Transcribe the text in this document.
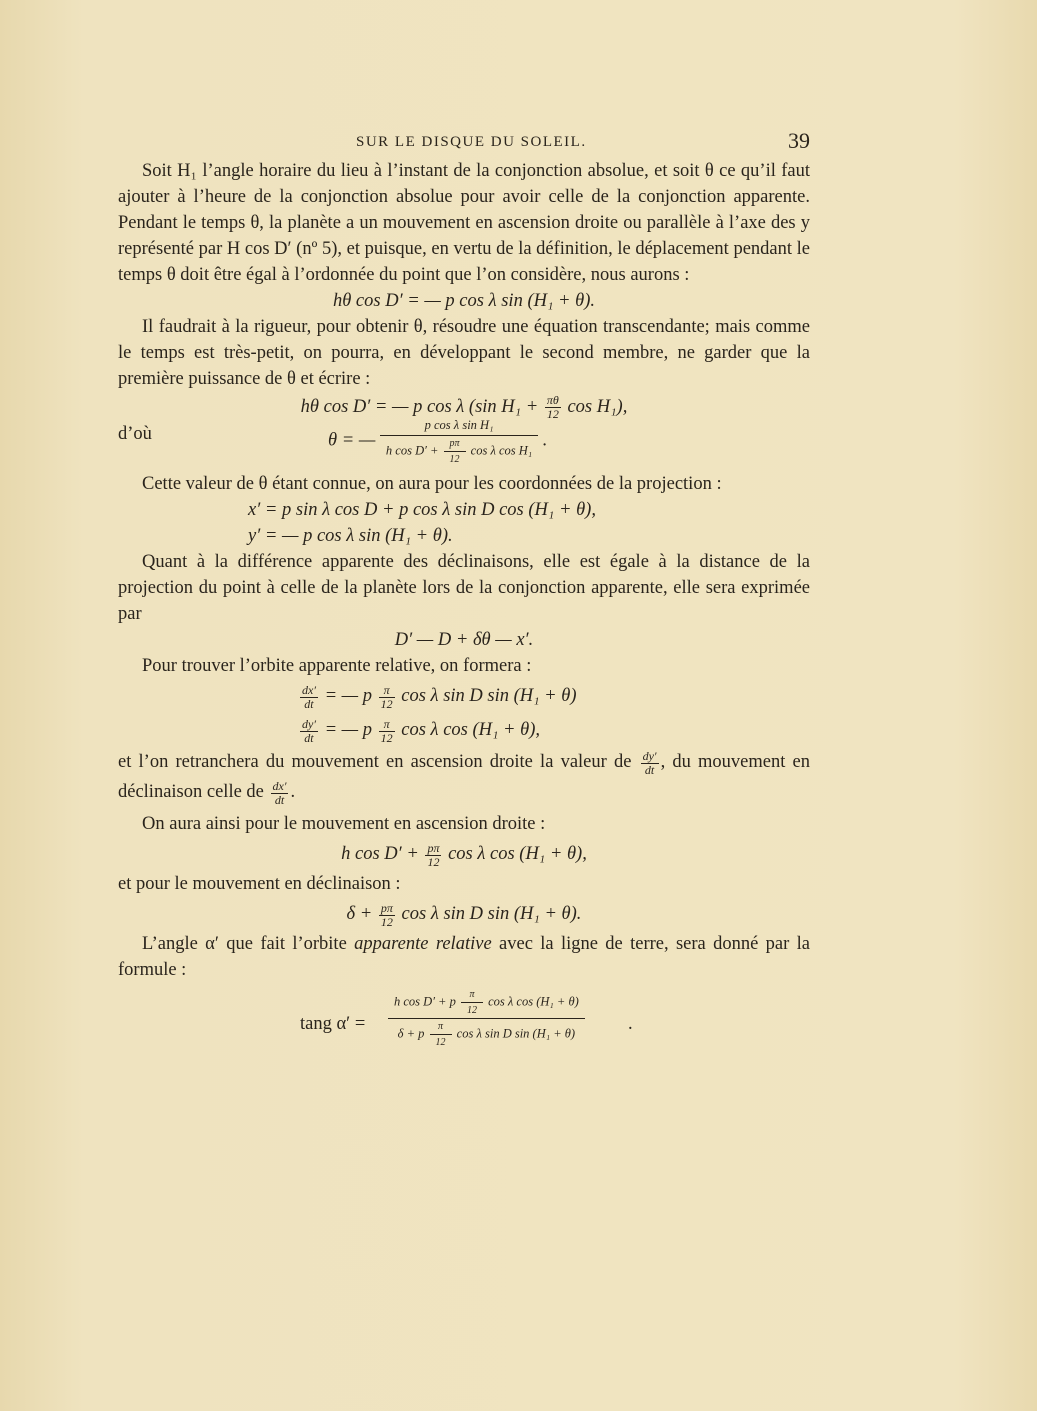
SUR LE DISQUE DU SOLEIL.	39

Soit H₁ l’angle horaire du lieu à l’instant de la conjonction absolue, et soit θ ce qu’il faut ajouter à l’heure de la conjonction absolue pour avoir celle de la conjonction apparente. Pendant le temps θ, la planète a un mouvement en ascension droite ou parallèle à l’axe des y représenté par H cos D′ (nº 5), et puisque, en vertu de la définition, le déplacement pendant le temps θ doit être égal à l’ordonnée du point que l’on considère, nous aurons :

hθ cos D′ = — p cos λ sin (H₁ + θ).

Il faudrait à la rigueur, pour obtenir θ, résoudre une équation transcendante; mais comme le temps est très-petit, on pourra, en développant le second membre, ne garder que la première puissance de θ et écrire :

hθ cos D′ = — p cos λ (sin $H_1 + \frac{\pi\theta}{12}$ cos H₁),

d’où	θ = —
p cos λ sin H₁
h $\cos D' + \frac{p\pi}{12}$ cos λ cos H₁
.

Cette valeur de θ étant connue, on aura pour les coordonnées de la projection :

x′ = p sin λ cos D + p cos λ sin D cos (H₁ + θ),

y′ = — p cos λ sin (H₁ + θ).

Quant à la différence apparente des déclinaisons, elle est égale à la distance de la projection du point à celle de la planète lors de la conjonction apparente, elle sera exprimée par

D′ — D + δθ — x′.

Pour trouver l’orbite apparente relative, on formera :

$\frac{dx'}{dt}$ = — p $\frac{\pi}{12}$ cos λ sin D sin (H₁ + θ)

$\frac{dy'}{dt}$ = — p $\frac{\pi}{12}$ cos λ cos (H₁ + θ),

et l’on retranchera du mouvement en ascension droite la valeur de $\frac{dy'}{dt}$ , du mouvement en déclinaison celle de $\frac{dx'}{dt}$ .

On aura ainsi pour le mouvement en ascension droite :

h $\cos D' + \frac{p\pi}{12}$ cos λ cos (H₁ + θ),

et pour le mouvement en déclinaison :

$\delta + \frac{p\pi}{12}$ cos λ sin D sin (H₁ + θ).

L’angle α′ que fait l’orbite apparente relative avec la ligne de terre, sera donné par la formule :

tang α′ =
h cos D′ + p $\frac{\pi}{12}$ cos λ cos (H₁ + θ)
δ + p $\frac{\pi}{12}$ cos λ sin D sin (H₁ + θ)	.
